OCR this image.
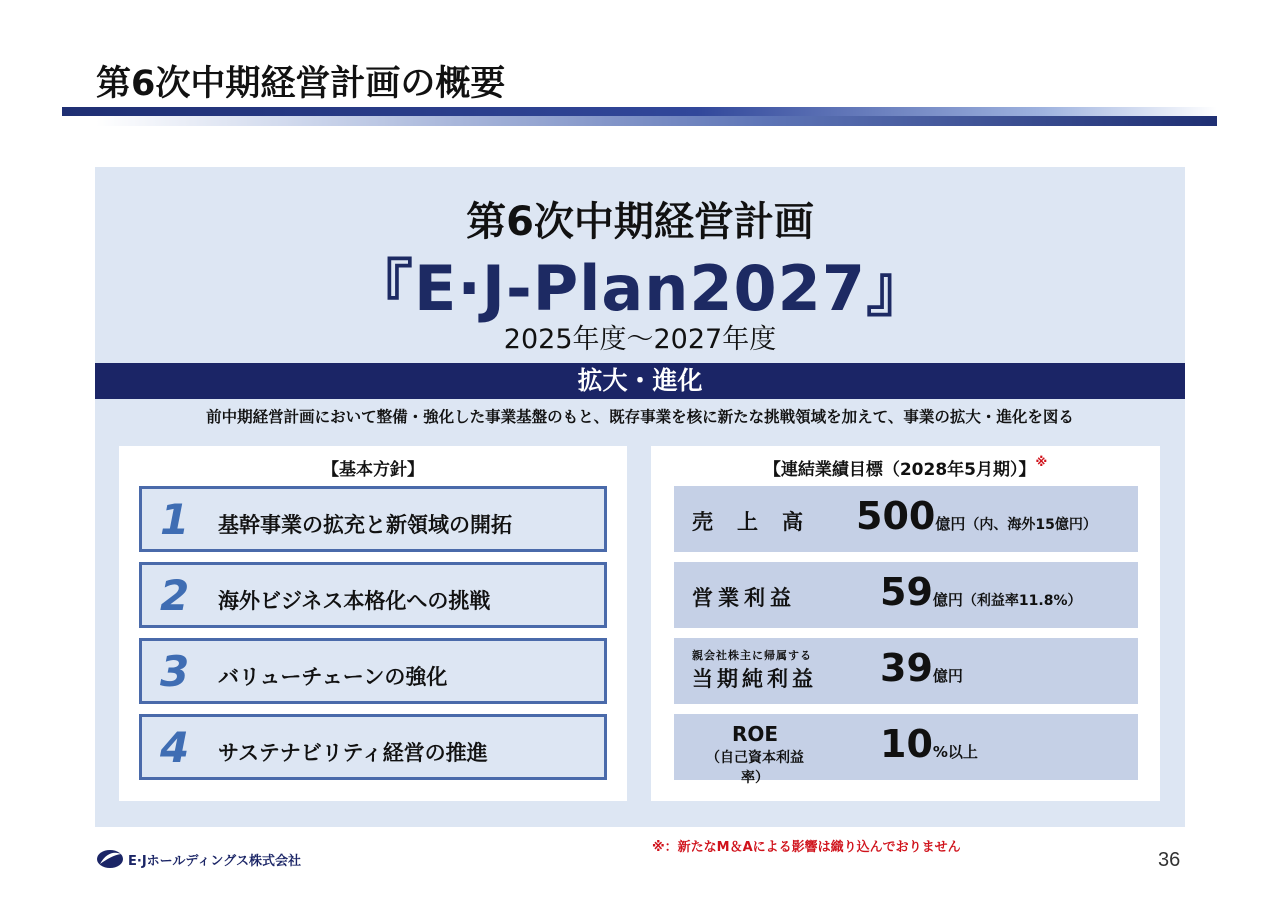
第6次中期経営計画の概要
第6次中期経営計画
『E·J-Plan2027』
2025年度～2027年度
拡大・進化
前中期経営計画において整備・強化した事業基盤のもと、既存事業を核に新たな挑戦領域を加えて、事業の拡大・進化を図る
【基本方針】
1 基幹事業の拡充と新領域の開拓
2 海外ビジネス本格化への挑戦
3 バリューチェーンの強化
4 サステナビリティ経営の推進
【連結業績目標（2028年5月期）】※
売上高 500億円（内、海外15億円）
営業利益 59億円（利益率11.8%）
親会社株主に帰属する
当期純利益 39億円
ROE
（自己資本利益率）
10%以上
※：新たなM＆Aによる影響は織り込んでおりません
E·Jホールディングス株式会社	36
